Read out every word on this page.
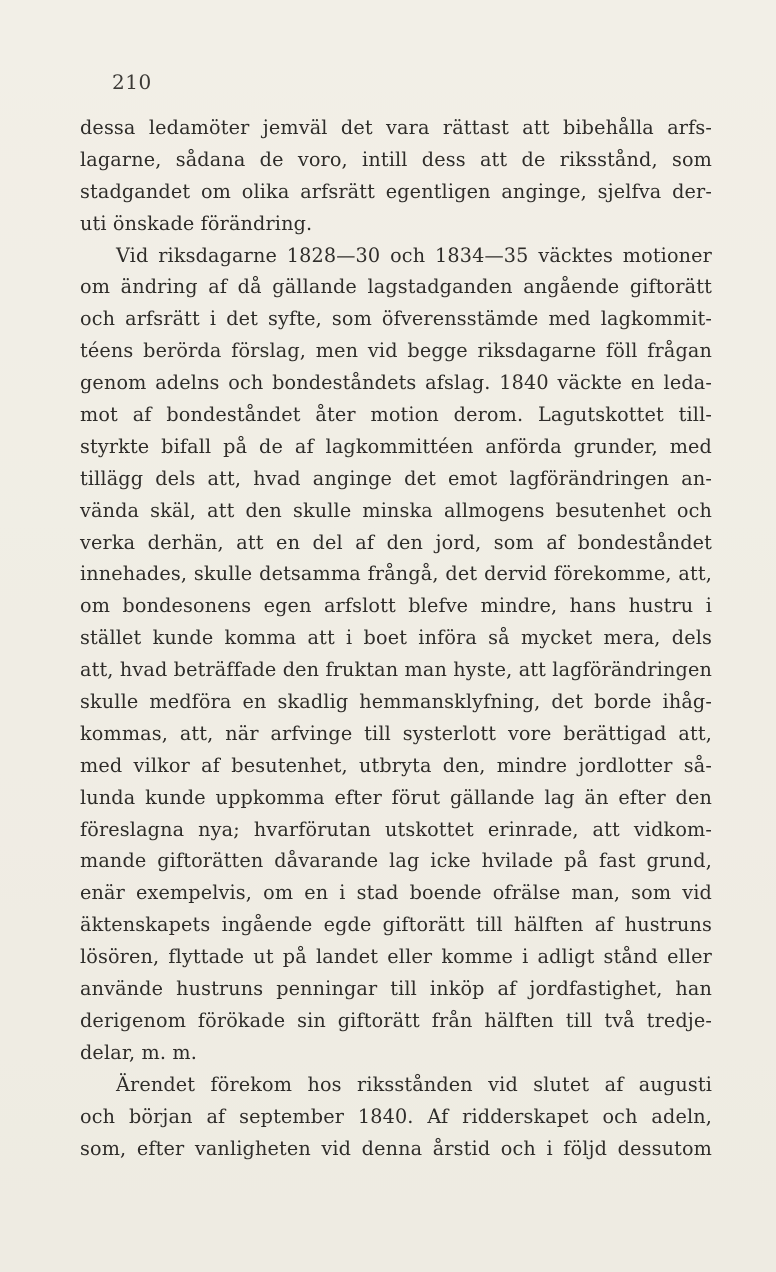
210
dessa ledamöter jemväl det vara rättast att bibehålla arfs-
lagarne, sådana de voro, intill dess att de riksstånd, som
stadgandet om olika arfsrätt egentligen anginge, sjelfva der-
uti önskade förändring.
Vid riksdagarne 1828—30 och 1834—35 väcktes motioner
om ändring af då gällande lagstadganden angående giftorätt
och arfsrätt i det syfte, som öfverensstämde med lagkommit-
téens berörda förslag, men vid begge riksdagarne föll frågan
genom adelns och bondeståndets afslag. 1840 väckte en leda-
mot af bondeståndet åter motion derom. Lagutskottet till-
styrkte bifall på de af lagkommittéen anförda grunder, med
tillägg dels att, hvad anginge det emot lagförändringen an-
vända skäl, att den skulle minska allmogens besutenhet och
verka derhän, att en del af den jord, som af bondeståndet
innehades, skulle detsamma frångå, det dervid förekomme, att,
om bondesonens egen arfslott blefve mindre, hans hustru i
stället kunde komma att i boet införa så mycket mera, dels
att, hvad beträffade den fruktan man hyste, att lagförändringen
skulle medföra en skadlig hemmansklyfning, det borde ihåg-
kommas, att, när arfvinge till systerlott vore berättigad att,
med vilkor af besutenhet, utbryta den, mindre jordlotter så-
lunda kunde uppkomma efter förut gällande lag än efter den
föreslagna nya; hvarförutan utskottet erinrade, att vidkom-
mande giftorätten dåvarande lag icke hvilade på fast grund,
enär exempelvis, om en i stad boende ofrälse man, som vid
äktenskapets ingående egde giftorätt till hälften af hustruns
lösören, flyttade ut på landet eller komme i adligt stånd eller
använde hustruns penningar till inköp af jordfastighet, han
derigenom förökade sin giftorätt från hälften till två tredje-
delar, m. m.
Ärendet förekom hos riksstånden vid slutet af augusti
och början af september 1840. Af ridderskapet och adeln,
som, efter vanligheten vid denna årstid och i följd dessutom
